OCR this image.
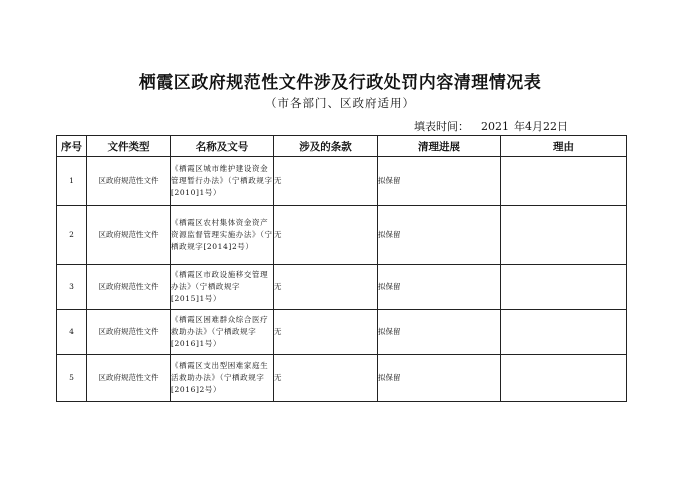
栖霞区政府规范性文件涉及行政处罚内容清理情况表
（市各部门、区政府适用）
填表时间： 2021 年4月22日
序号	文件类型	名称及文号	涉及的条款	清理进展	理由
1	区政府规范性文件	《栖霞区城市维护建设资金管理暂行办法》（宁栖政规字[2010]1号）	无	拟保留	
2	区政府规范性文件	《栖霞区农村集体资金资产资源监督管理实施办法》（宁栖政规字[2014]2号）	无	拟保留	
3	区政府规范性文件	《栖霞区市政设施移交管理办法》（宁栖政规字[2015]1号）	无	拟保留	
4	区政府规范性文件	《栖霞区困难群众综合医疗救助办法》（宁栖政规字[2016]1号）	无	拟保留	
5	区政府规范性文件	《栖霞区支出型困难家庭生活救助办法》（宁栖政规字[2016]2号）	无	拟保留	
